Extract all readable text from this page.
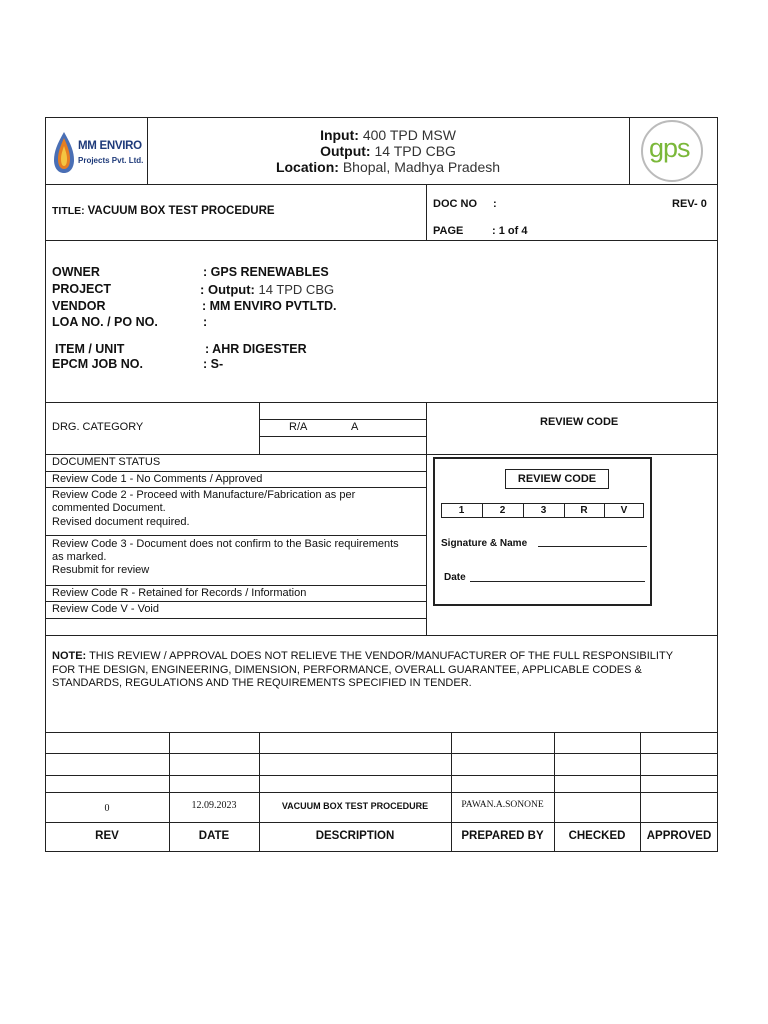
MM ENVIRO
Projects Pvt. Ltd.
Input: 400 TPD MSW
Output: 14 TPD CBG
Location: Bhopal, Madhya Pradesh
gps
TITLE: VACUUM BOX TEST PROCEDURE
DOC NO :	REV- 0
PAGE	: 1 of 4
OWNER	: GPS RENEWABLES
PROJECT	: Output: 14 TPD CBG
VENDOR	: MM ENVIRO PVTLTD.
LOA NO. / PO NO.	:
ITEM / UNIT	: AHR DIGESTER
EPCM JOB NO.	: S-
DRG. CATEGORY	R/A	A	REVIEW CODE
DOCUMENT STATUS
Review Code 1 - No Comments / Approved
Review Code 2 - Proceed with Manufacture/Fabrication as per
commented Document.
Revised document required.
Review Code 3 - Document does not confirm to the Basic requirements
as marked.
Resubmit for review
Review Code R - Retained for Records / Information
Review Code V - Void
REVIEW CODE
1	2	3	R	V
Signature & Name
Date
NOTE: THIS REVIEW / APPROVAL DOES NOT RELIEVE THE VENDOR/MANUFACTURER OF THE FULL RESPONSIBILITY
FOR THE DESIGN, ENGINEERING, DIMENSION, PERFORMANCE, OVERALL GUARANTEE, APPLICABLE CODES &
STANDARDS, REGULATIONS AND THE REQUIREMENTS SPECIFIED IN TENDER.
0	12.09.2023	VACUUM BOX TEST PROCEDURE	PAWAN.A.SONONE
REV	DATE	DESCRIPTION	PREPARED BY	CHECKED	APPROVED
